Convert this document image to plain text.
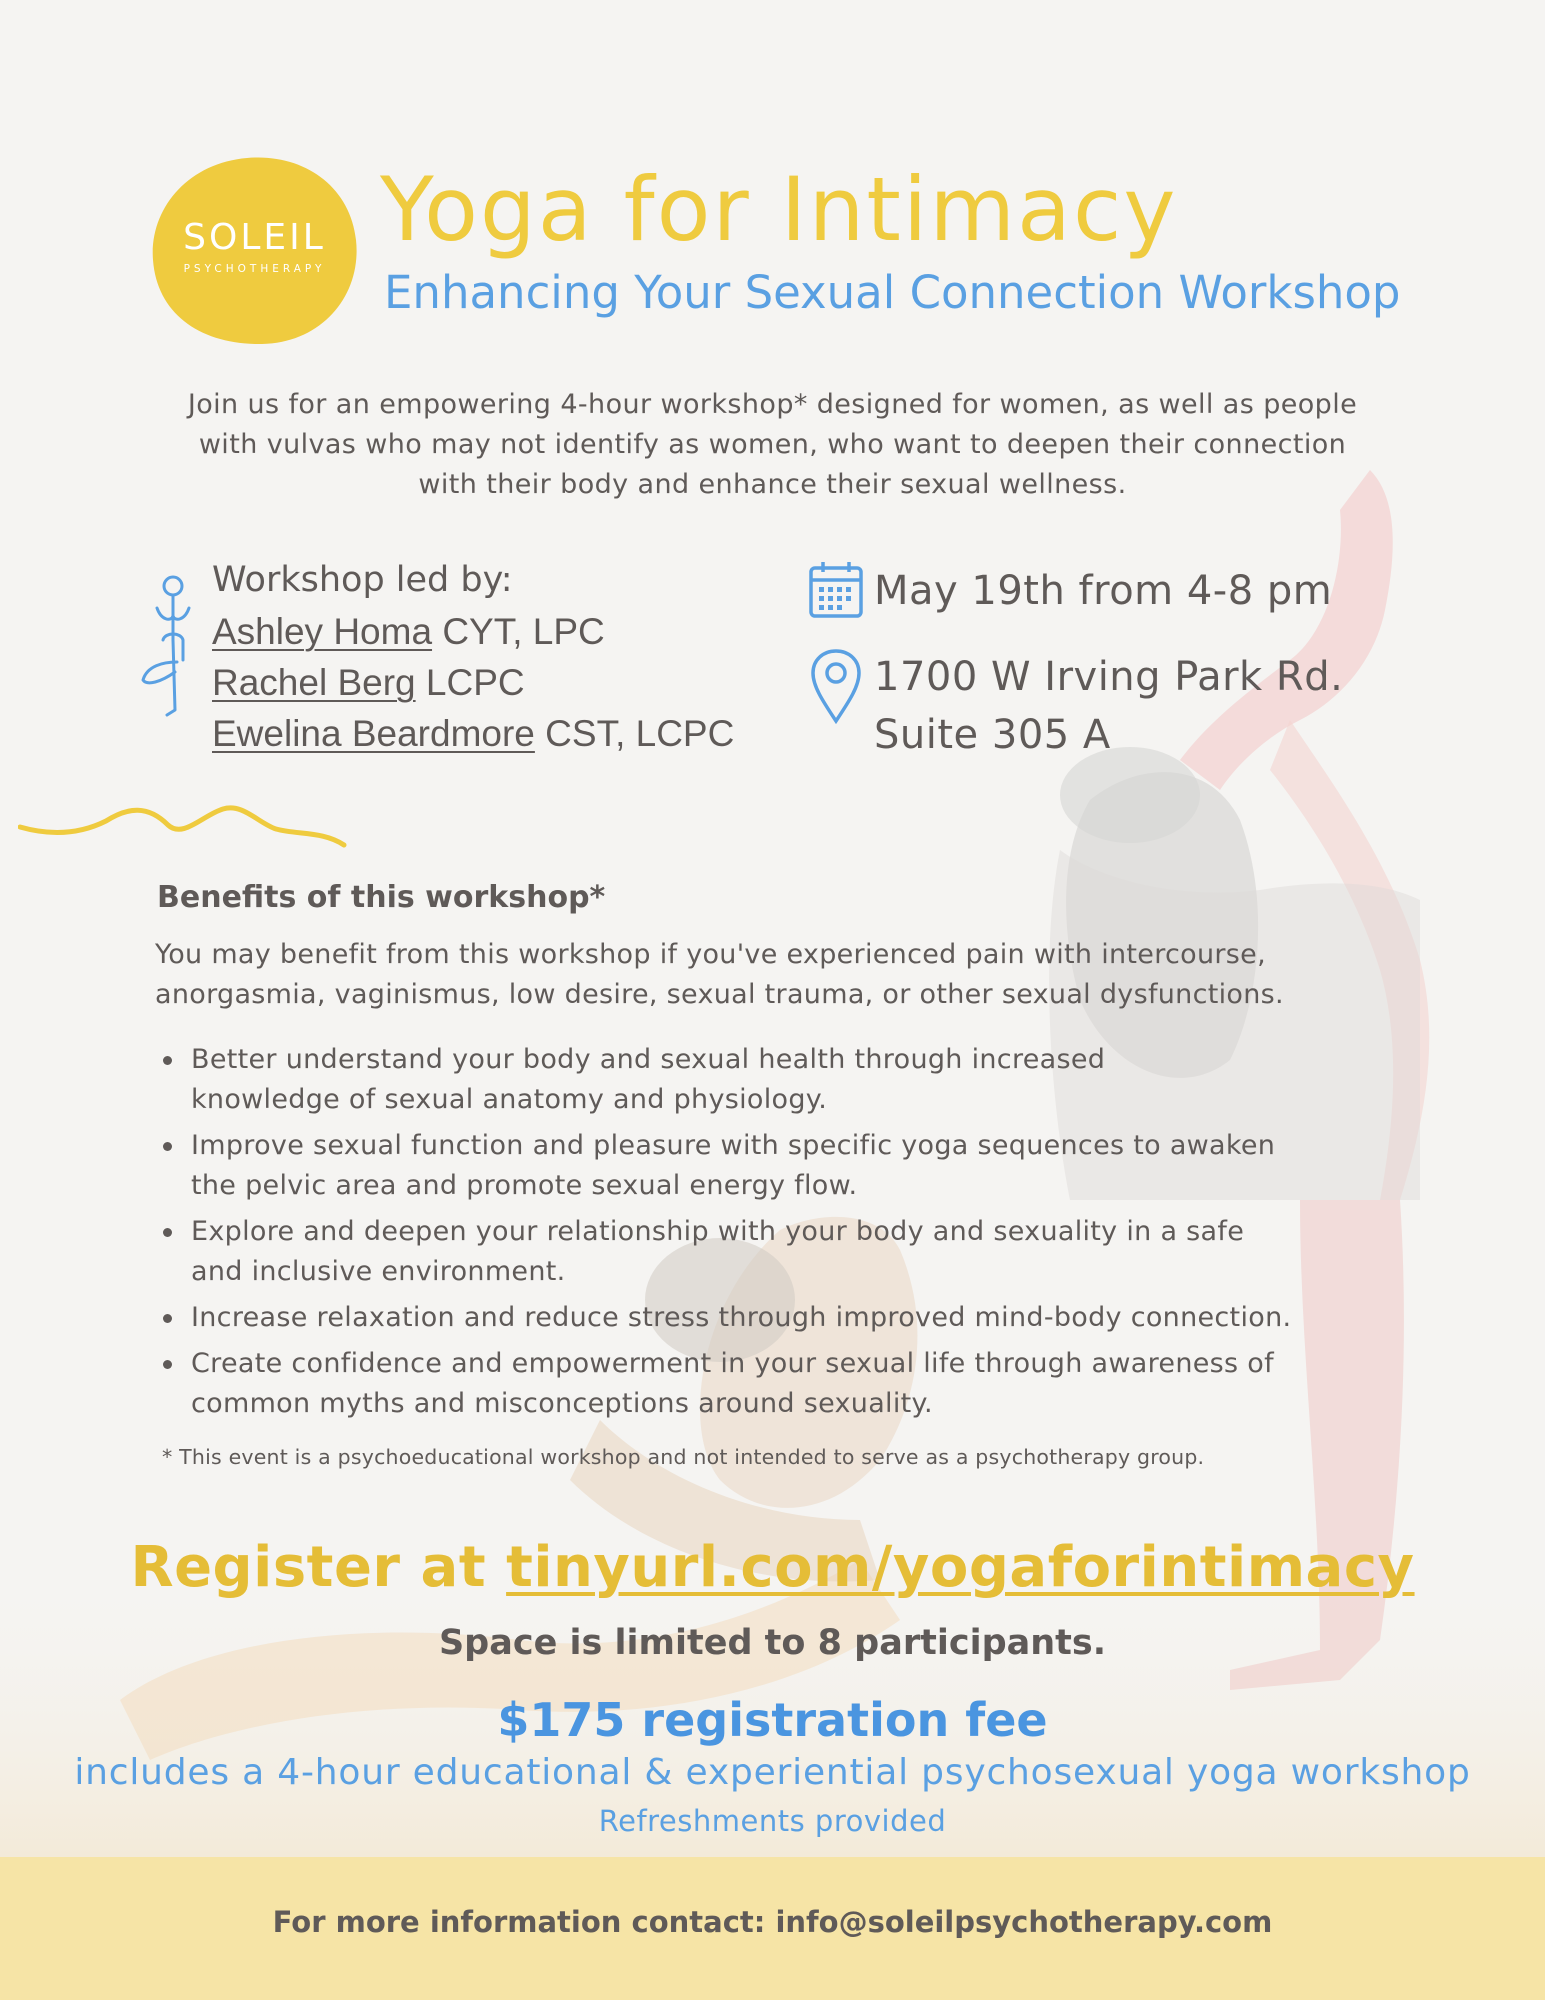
SOLEIL
PSYCHOTHERAPY
Yoga for Intimacy
Enhancing Your Sexual Connection Workshop
Join us for an empowering 4-hour workshop* designed for women, as well as people with vulvas who may not identify as women, who want to deepen their connection with their body and enhance their sexual wellness.
Workshop led by:
Ashley Homa CYT, LPC
Rachel Berg LCPC
Ewelina Beardmore CST, LCPC
May 19th from 4-8 pm
1700 W Irving Park Rd.
Suite 305 A
Benefits of this workshop*
You may benefit from this workshop if you've experienced pain with intercourse, anorgasmia, vaginismus, low desire, sexual trauma, or other sexual dysfunctions.
Better understand your body and sexual health through increased knowledge of sexual anatomy and physiology.
Improve sexual function and pleasure with specific yoga sequences to awaken the pelvic area and promote sexual energy flow.
Explore and deepen your relationship with your body and sexuality in a safe and inclusive environment.
Increase relaxation and reduce stress through improved mind-body connection.
Create confidence and empowerment in your sexual life through awareness of common myths and misconceptions around sexuality.
* This event is a psychoeducational workshop and not intended to serve as a psychotherapy group.
Register at tinyurl.com/yogaforintimacy
Space is limited to 8 participants.
$175 registration fee
includes a 4-hour educational & experiential psychosexual yoga workshop
Refreshments provided
For more information contact: info@soleilpsychotherapy.com
